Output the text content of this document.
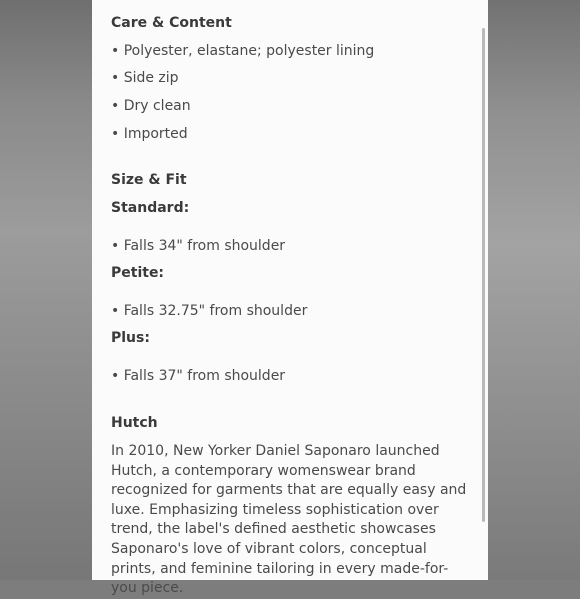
Care & Content
• Polyester, elastane; polyester lining
• Side zip
• Dry clean
• Imported
Size & Fit
Standard:
• Falls 34" from shoulder
Petite:
• Falls 32.75" from shoulder
Plus:
• Falls 37" from shoulder
Hutch
In 2010, New Yorker Daniel Saponaro launched Hutch, a contemporary womenswear brand recognized for garments that are equally easy and luxe. Emphasizing timeless sophistication over trend, the label's defined aesthetic showcases Saponaro's love of vibrant colors, conceptual prints, and feminine tailoring in every made-for-you piece.
